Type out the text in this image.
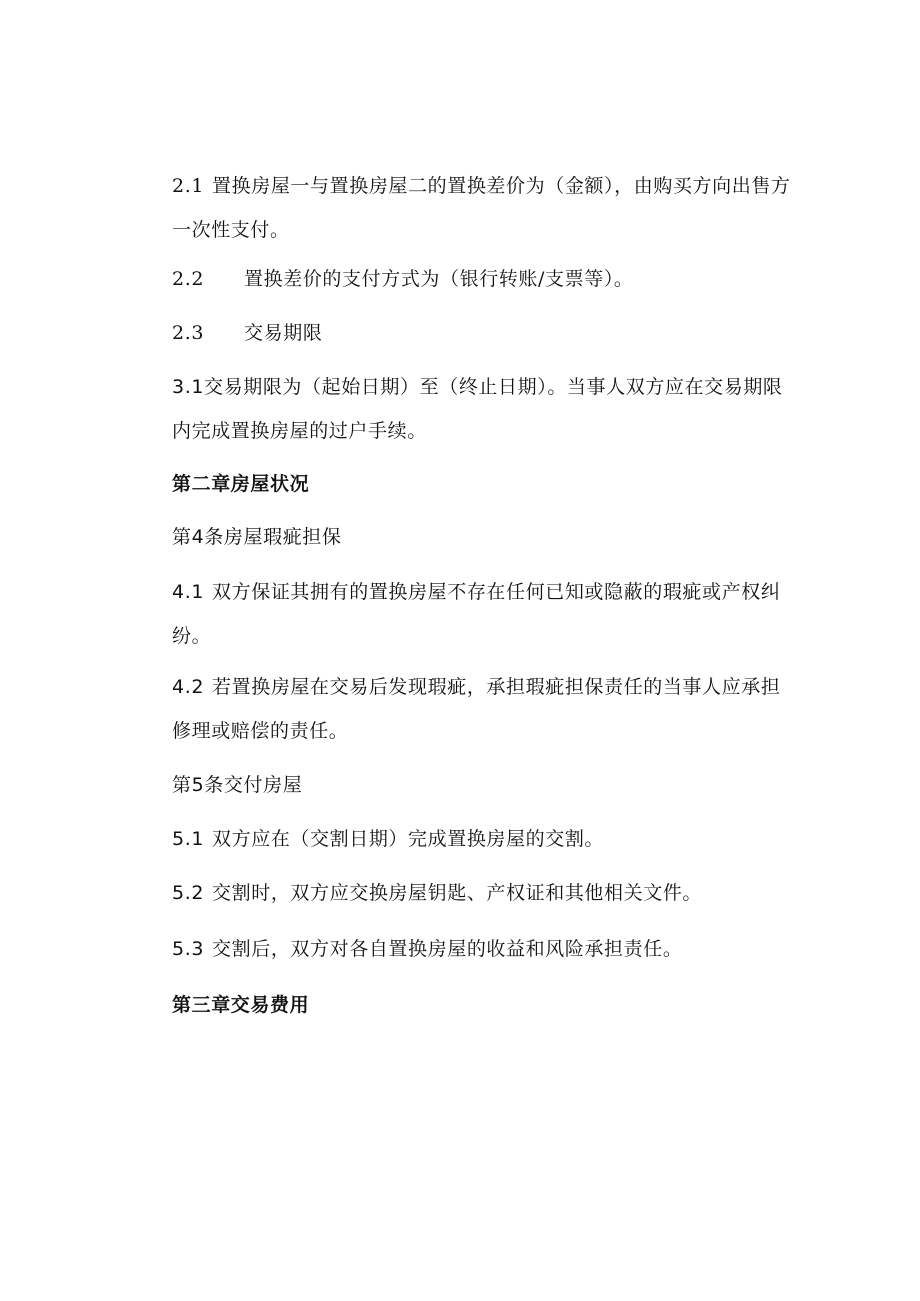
2.1 置换房屋一与置换房屋二的置换差价为（金额），由购买方向出售方一次性支付。

2.2 置换差价的支付方式为（银行转账/支票等）。

2.3 交易期限

3.1交易期限为（起始日期）至（终止日期）。当事人双方应在交易期限内完成置换房屋的过户手续。

第二章房屋状况

第4条房屋瑕疵担保

4.1 双方保证其拥有的置换房屋不存在任何已知或隐蔽的瑕疵或产权纠纷。

4.2 若置换房屋在交易后发现瑕疵，承担瑕疵担保责任的当事人应承担修理或赔偿的责任。

第5条交付房屋

5.1 双方应在（交割日期）完成置换房屋的交割。

5.2 交割时，双方应交换房屋钥匙、产权证和其他相关文件。

5.3 交割后，双方对各自置换房屋的收益和风险承担责任。

第三章交易费用
